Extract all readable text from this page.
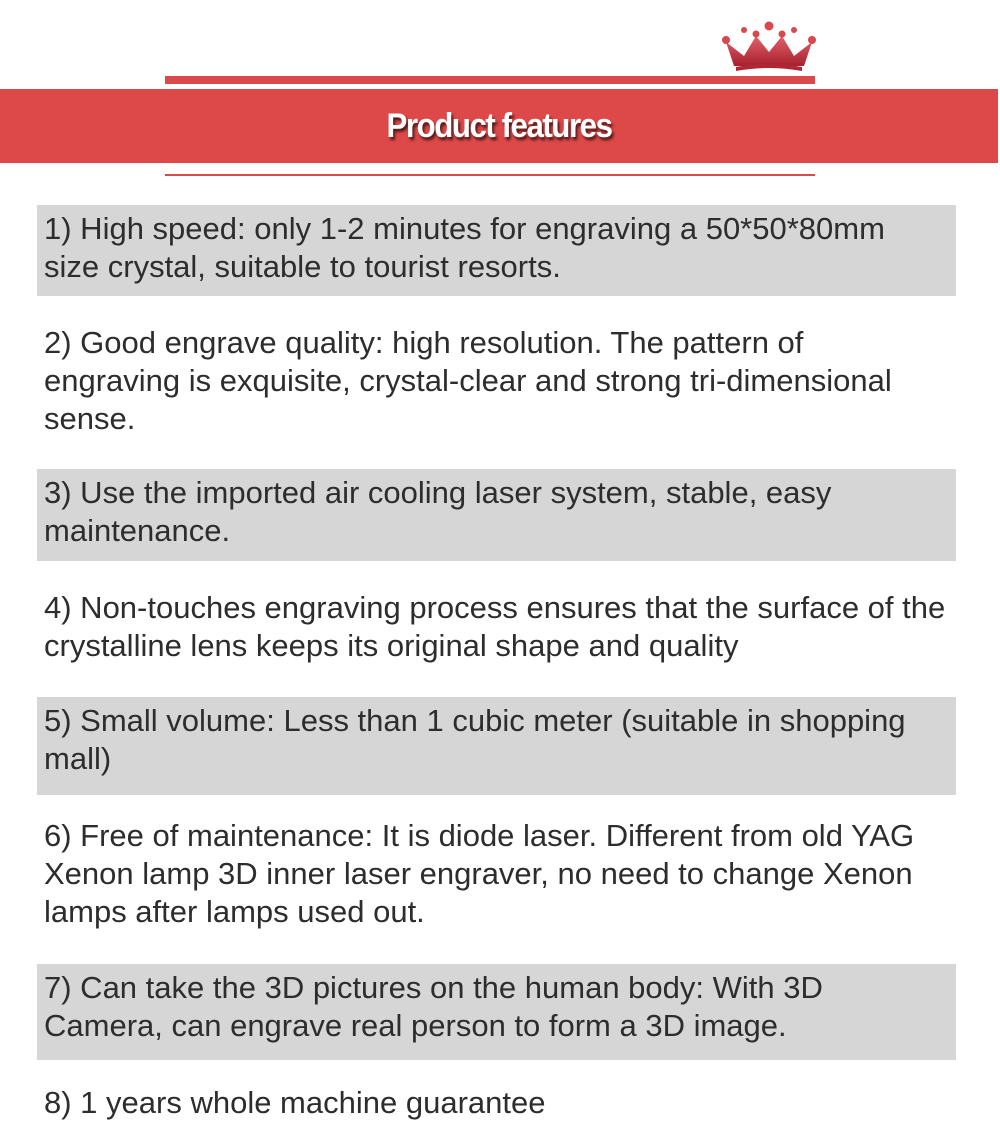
Product features
1) High speed: only 1-2 minutes for engraving a 50*50*80mm size crystal, suitable to tourist resorts.
2) Good engrave quality: high resolution. The pattern of engraving is exquisite, crystal-clear and strong tri-dimensional sense.
3) Use the imported air cooling laser system, stable, easy maintenance.
4) Non-touches engraving process ensures that the surface of the crystalline lens keeps its original shape and quality
5) Small volume: Less than 1 cubic meter (suitable in shopping mall)
6) Free of maintenance: It is diode laser. Different from old YAG Xenon lamp 3D inner laser engraver, no need to change Xenon lamps after lamps used out.
7) Can take the 3D pictures on the human body: With 3D Camera, can engrave real person to form a 3D image.
8) 1 years whole machine guarantee
